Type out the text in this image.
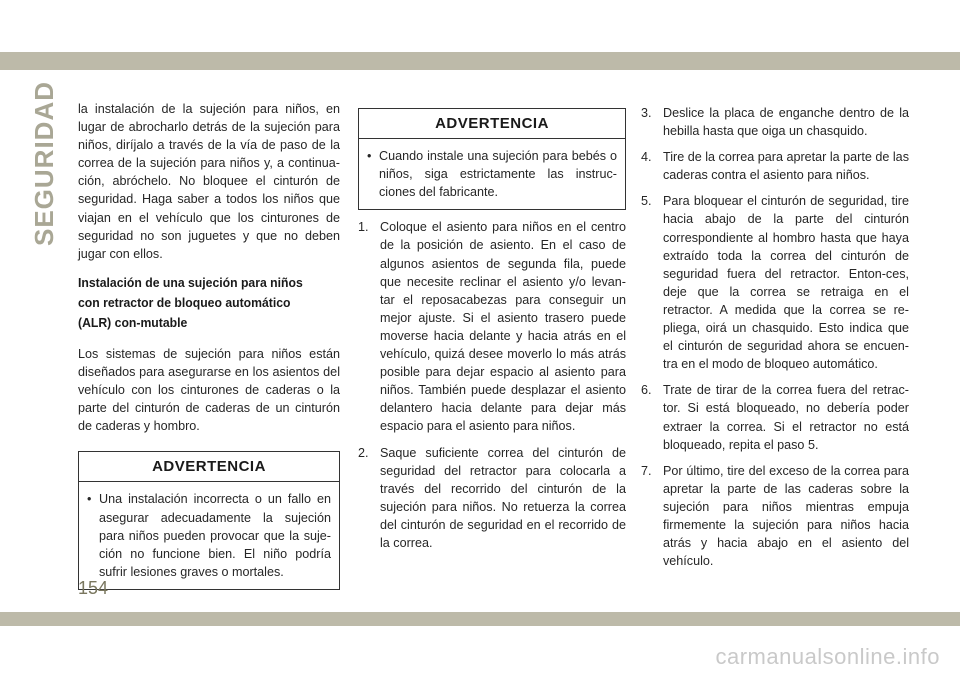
SEGURIDAD la instalación de la sujeción para niños, en lugar de abrocharlo detrás de la sujeción para niños, diríjalo a través de la vía de paso de la correa de la sujeción para niños y, a continua-ción, abróchelo. No bloquee el cinturón de seguridad. Haga saber a todos los niños que viajan en el vehículo que los cinturones de seguridad no son juguetes y que no deben jugar con ellos.

Instalación de una sujeción para niños con retractor de bloqueo automático (ALR) con-mutable

Los sistemas de sujeción para niños están diseñados para asegurarse en los asientos del vehículo con los cinturones de caderas o la parte del cinturón de caderas de un cinturón de caderas y hombro.

ADVERTENCIA
• Una instalación incorrecta o un fallo en asegurar adecuadamente la sujeción para niños pueden provocar que la suje-ción no funcione bien. El niño podría sufrir lesiones graves o mortales.
ADVERTENCIA
• Cuando instale una sujeción para bebés o niños, siga estrictamente las instruc-ciones del fabricante.
1. Coloque el asiento para niños en el centro de la posición de asiento. En el caso de algunos asientos de segunda fila, puede que necesite reclinar el asiento y/o levan-tar el reposacabezas para conseguir un mejor ajuste. Si el asiento trasero puede moverse hacia delante y hacia atrás en el vehículo, quizá desee moverlo lo más atrás posible para dejar espacio al asiento para niños. También puede desplazar el asiento delantero hacia delante para dejar más espacio para el asiento para niños.
2. Saque suficiente correa del cinturón de seguridad del retractor para colocarla a través del recorrido del cinturón de la sujeción para niños. No retuerza la correa del cinturón de seguridad en el recorrido de la correa.
3. Deslice la placa de enganche dentro de la hebilla hasta que oiga un chasquido.
4. Tire de la correa para apretar la parte de las caderas contra el asiento para niños.
5. Para bloquear el cinturón de seguridad, tire hacia abajo de la parte del cinturón correspondiente al hombro hasta que haya extraído toda la correa del cinturón de seguridad fuera del retractor. Enton-ces, deje que la correa se retraiga en el retractor. A medida que la correa se re-pliega, oirá un chasquido. Esto indica que el cinturón de seguridad ahora se encuen-tra en el modo de bloqueo automático.
6. Trate de tirar de la correa fuera del retrac-tor. Si está bloqueado, no debería poder extraer la correa. Si el retractor no está bloqueado, repita el paso 5.
7. Por último, tire del exceso de la correa para apretar la parte de las caderas sobre la sujeción para niños mientras empuja firmemente la sujeción para niños hacia atrás y hacia abajo en el asiento del vehículo.
154
carmanualsonline.info
